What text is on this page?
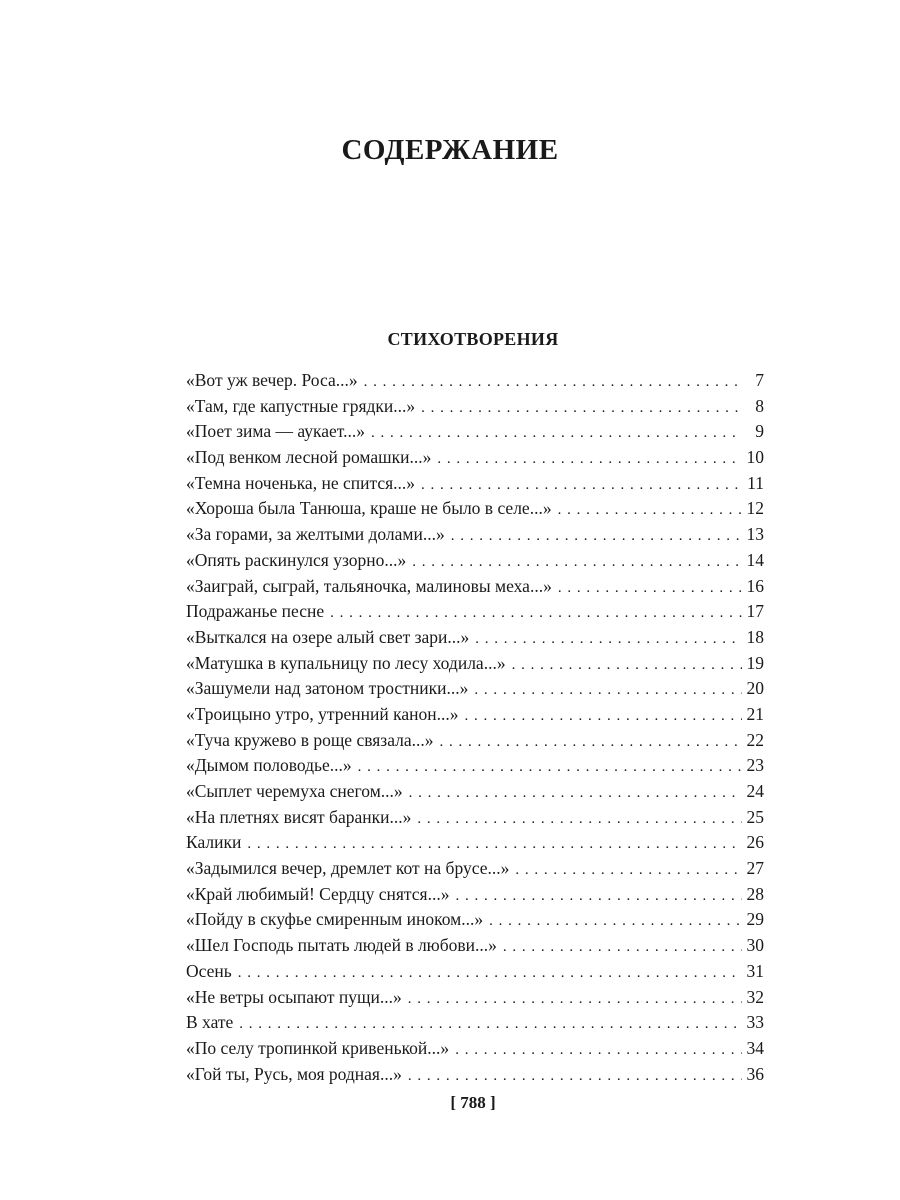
СОДЕРЖАНИЕ
СТИХОТВОРЕНИЯ
«Вот уж вечер. Роса...» . . .	7
«Там, где капустные грядки...» . . .	8
«Поет зима — аукает...» . . .	9
«Под венком лесной ромашки...» . . .	10
«Темна ноченька, не спится...» . . .	11
«Хороша была Танюша, краше не было в селе...» . . .	12
«За горами, за желтыми долами...» . . .	13
«Опять раскинулся узорно...» . . .	14
«Заиграй, сыграй, тальяночка, малиновы меха...» . . .	16
Подражанье песне . . .	17
«Выткался на озере алый свет зари...» . . .	18
«Матушка в купальницу по лесу ходила...» . . .	19
«Зашумели над затоном тростники...» . . .	20
«Троицыно утро, утренний канон...» . . .	21
«Туча кружево в роще связала...» . . .	22
«Дымом половодье...» . . .	23
«Сыплет черемуха снегом...» . . .	24
«На плетнях висят баранки...» . . .	25
Калики . . .	26
«Задымился вечер, дремлет кот на брусе...» . . .	27
«Край любимый! Сердцу снятся...» . . .	28
«Пойду в скуфье смиренным иноком...» . . .	29
«Шел Господь пытать людей в любови...» . . .	30
Осень . . .	31
«Не ветры осыпают пущи...» . . .	32
В хате . . .	33
«По селу тропинкой кривенькой...» . . .	34
«Гой ты, Русь, моя родная...» . . .	36
[ 788 ]
